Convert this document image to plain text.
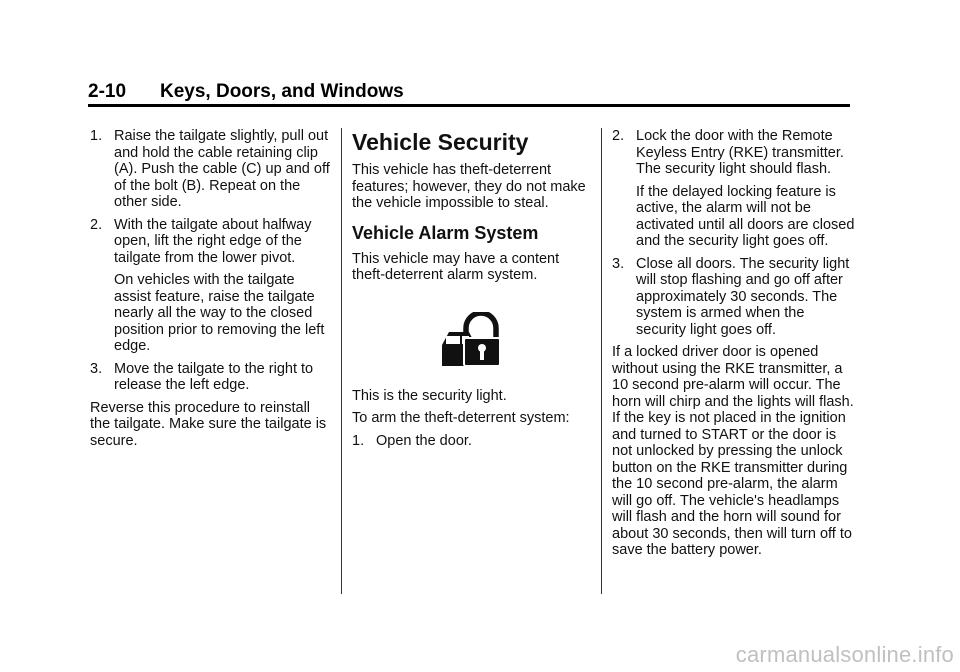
2-10 Keys, Doors, and Windows
1. Raise the tailgate slightly, pull out and hold the cable retaining clip (A). Push the cable (C) up and off of the bolt (B). Repeat on the other side.
2. With the tailgate about halfway open, lift the right edge of the tailgate from the lower pivot.
On vehicles with the tailgate assist feature, raise the tailgate nearly all the way to the closed position prior to removing the left edge.
3. Move the tailgate to the right to release the left edge.
Reverse this procedure to reinstall the tailgate. Make sure the tailgate is secure.
Vehicle Security
This vehicle has theft-deterrent features; however, they do not make the vehicle impossible to steal.
Vehicle Alarm System
This vehicle may have a content theft-deterrent alarm system.
This is the security light.
To arm the theft-deterrent system:
1. Open the door.
2. Lock the door with the Remote Keyless Entry (RKE) transmitter. The security light should flash.
If the delayed locking feature is active, the alarm will not be activated until all doors are closed and the security light goes off.
3. Close all doors. The security light will stop flashing and go off after approximately 30 seconds. The system is armed when the security light goes off.
If a locked driver door is opened without using the RKE transmitter, a 10 second pre-alarm will occur. The horn will chirp and the lights will flash. If the key is not placed in the ignition and turned to START or the door is not unlocked by pressing the unlock button on the RKE transmitter during the 10 second pre-alarm, the alarm will go off. The vehicle's headlamps will flash and the horn will sound for about 30 seconds, then will turn off to save the battery power.
carmanualsonline.info
